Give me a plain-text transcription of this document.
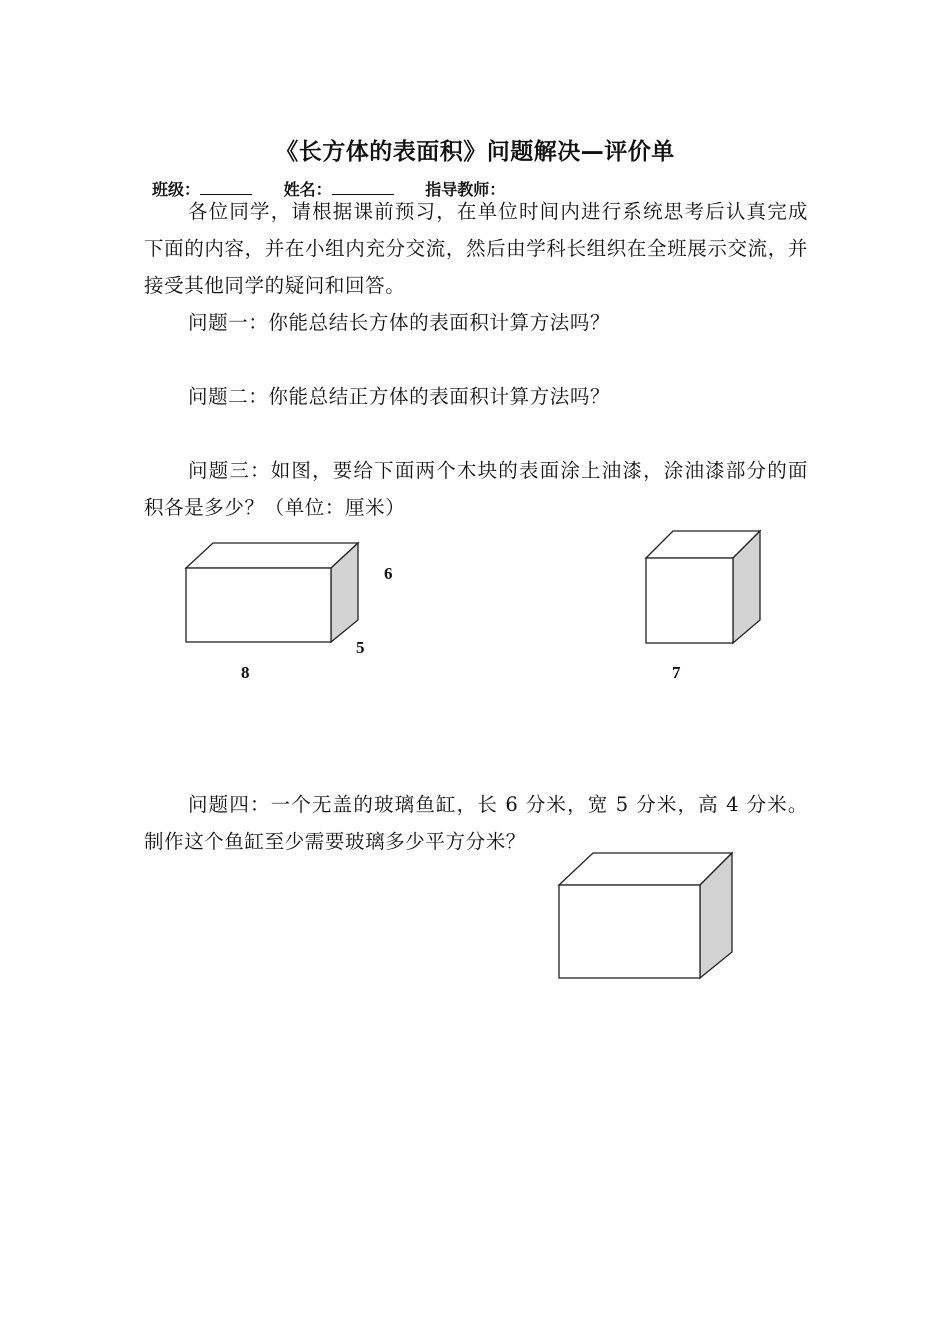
《长方体的表面积》问题解决—评价单
班级：	姓名：	指导教师：
各位同学，请根据课前预习，在单位时间内进行系统思考后认真完成下面的内容，并在小组内充分交流，然后由学科长组织在全班展示交流，并接受其他同学的疑问和回答。
问题一：你能总结长方体的表面积计算方法吗？
问题二：你能总结正方体的表面积计算方法吗？
问题三：如图，要给下面两个木块的表面涂上油漆，涂油漆部分的面积各是多少？（单位：厘米）
6
5
8	7
问题四：一个无盖的玻璃鱼缸，长 6 分米，宽 5 分米，高 4 分米。制作这个鱼缸至少需要玻璃多少平方分米？
